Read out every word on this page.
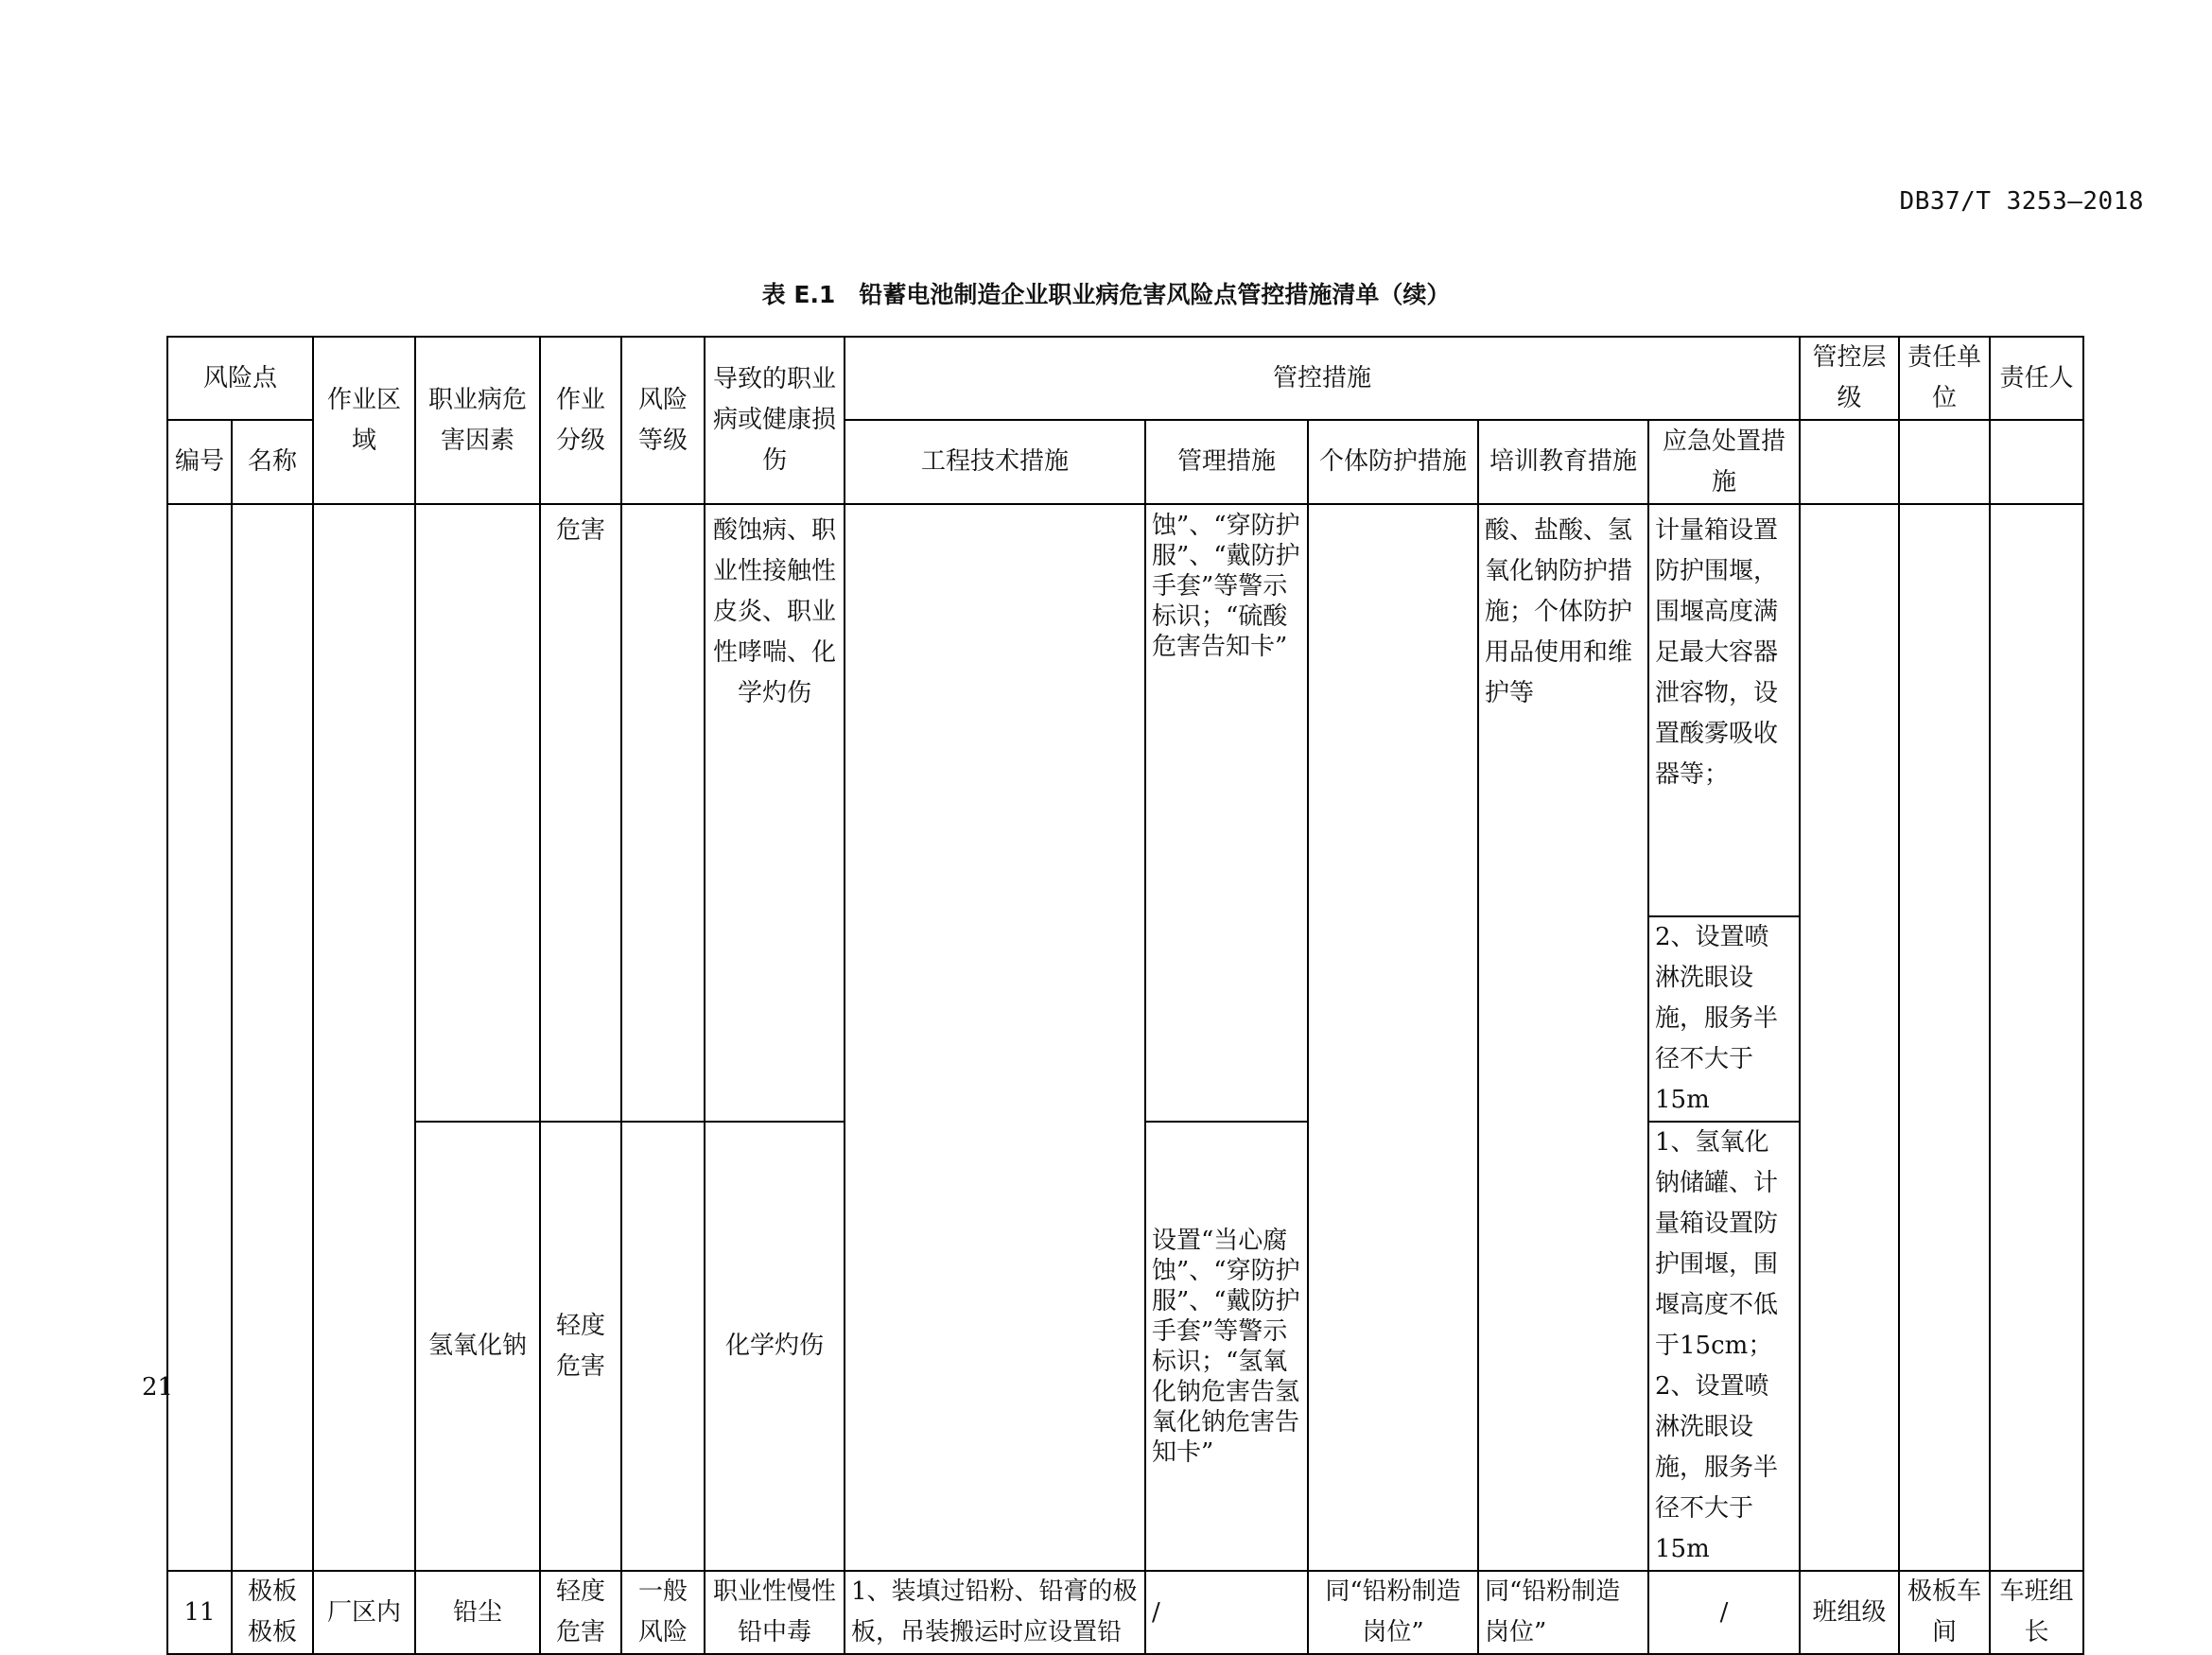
DB37/T 3253—2018
表 E.1　铅蓄电池制造企业职业病危害风险点管控措施清单（续）
风险点		作业区域	职业病危害因素	作业分级	风险等级	导致的职业病或健康损伤	管控措施					管控层级	责任单位	责任人
编号	名称						工程技术措施	管理措施	个体防护措施	培训教育措施	应急处置措施			
				危害		酸蚀病、职业性接触性皮炎、职业性哮喘、化学灼伤		蚀”、“穿防护服”、“戴防护手套”等警示标识；“硫酸危害告知卡”		酸、盐酸、氢氧化钠防护措施；个体防护用品使用和维护等	计量箱设置防护围堰，围堰高度满足最大容器泄容物，设置酸雾吸收器等；			
											2、设置喷淋洗眼设施，服务半径不大于 15m			
			氢氧化钠	轻度危害		化学灼伤		设置“当心腐蚀”、“穿防护服”、“戴防护手套”等警示标识；“氢氧化钠危害告氢氧化钠危害告知卡”			1、氢氧化钠储罐、计量箱设置防护围堰，围堰高度不低于15cm；
2、设置喷淋洗眼设施，服务半径不大于 15m			

11	极板极板	厂区内	铅尘	轻度危害	一般风险	职业性慢性铅中毒	1、装填过铅粉、铅膏的极板，吊装搬运时应设置铅	/	同“铅粉制造岗位”	同“铅粉制造岗位”	/	班组级	极板车间	车班组长
21
